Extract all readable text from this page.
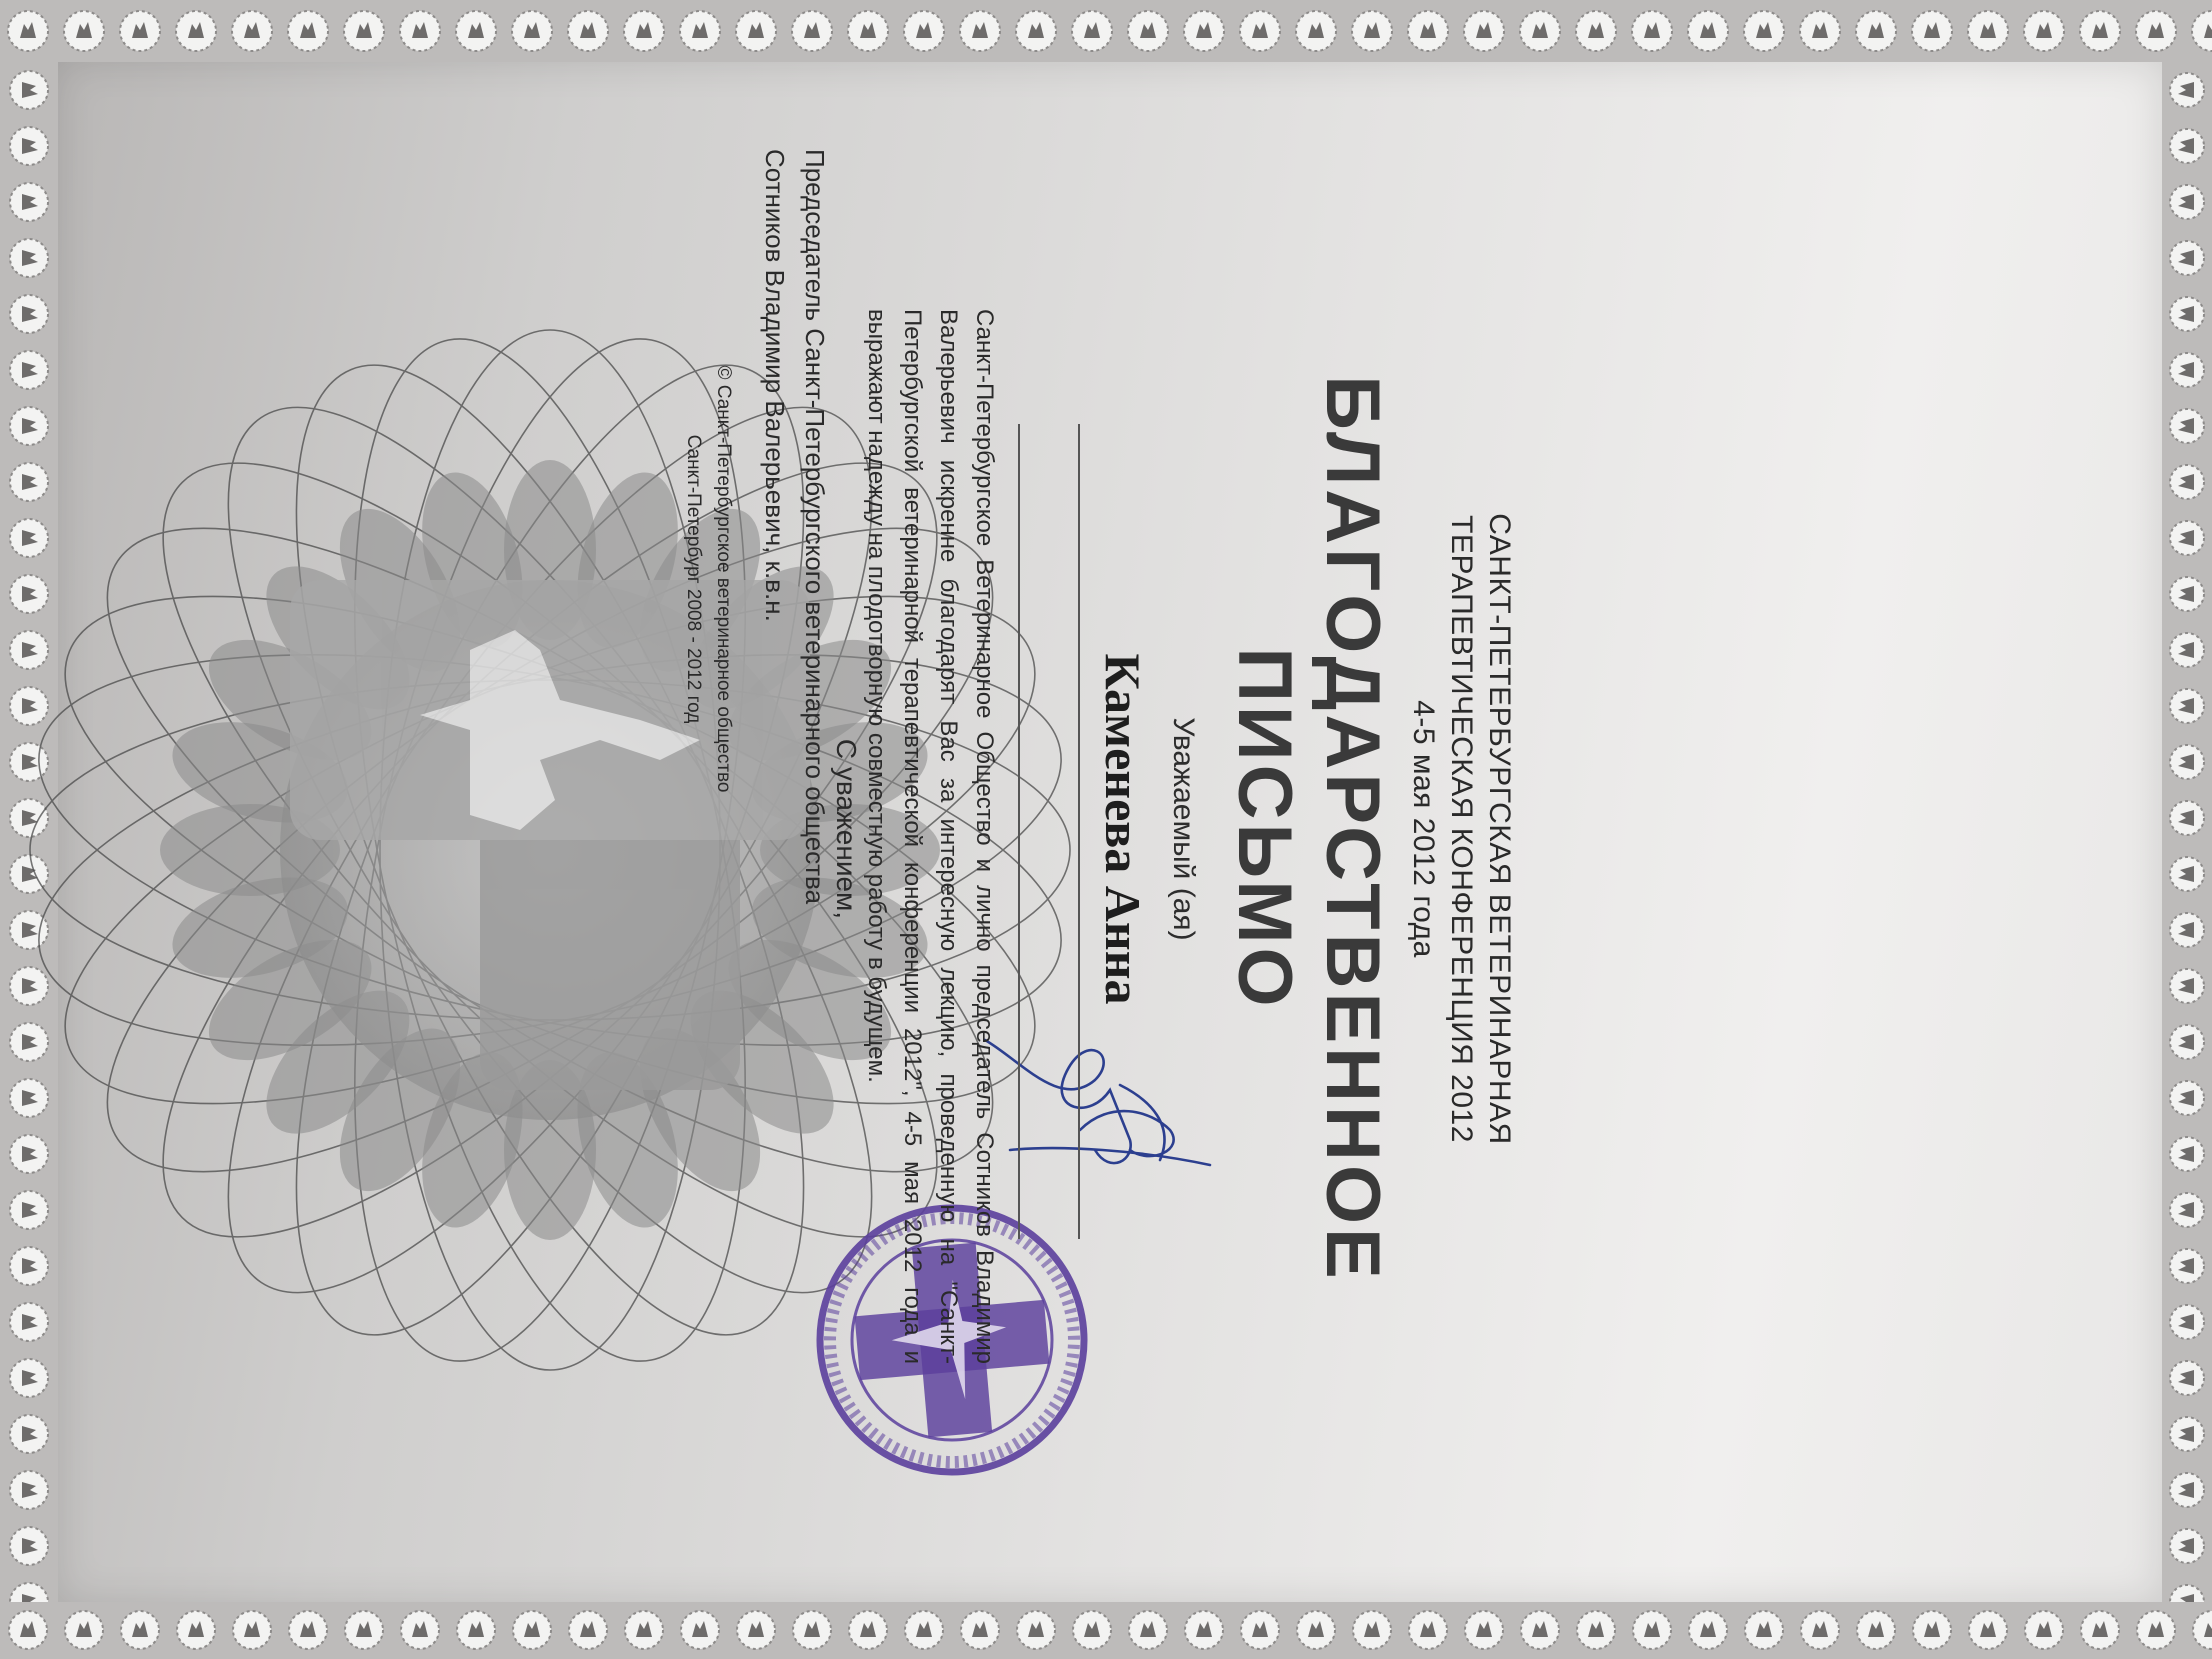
САНКТ-ПЕТЕРБУРГСКАЯ ВЕТЕРИНАРНАЯ
ТЕРАПЕВТИЧЕСКАЯ КОНФЕРЕНЦИЯ 2012
4-5 мая 2012 года
БЛАГОДАРСТВЕННОЕ
ПИСЬМО
Уважаемый (ая)
Каменева Анна
Санкт-Петербургское Ветеринарное Общество и лично председатель Сотников Владимир Валерьевич искренне благодарят Вас за интересную лекцию, проведенную на "Санкт-Петербургской ветеринарной терапевтической конференции 2012", 4-5 мая 2012 года и выражают надежду на плодотворную совместную работу в будущем.
С уважением,
Председатель Санкт-Петербургского ветеринарного общества
Сотников Владимир Валерьевич, к.в.н.
© Санкт-Петербургское ветеринарное общество
Санкт-Петербург 2008 - 2012 год
